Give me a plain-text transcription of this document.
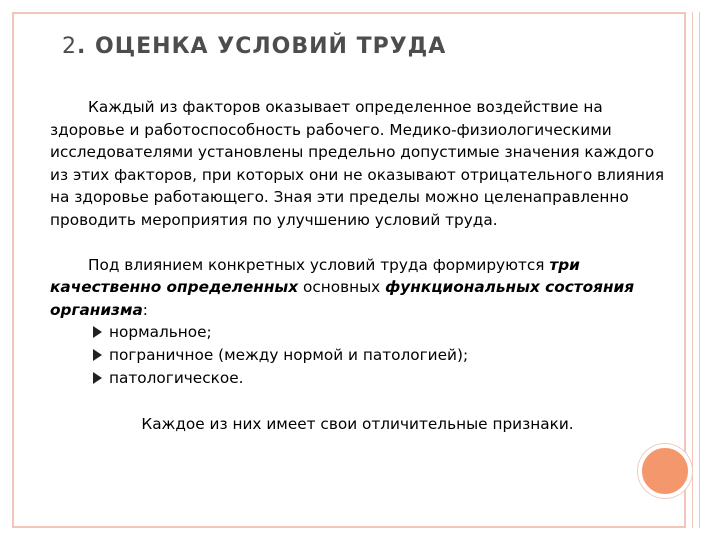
2. ОЦЕНКА УСЛОВИЙ ТРУДА

Каждый из факторов оказывает определенное воздействие на здоровье и работоспособность рабочего. Медико-физиологическими исследователями установлены предельно допустимые значения каждого из этих факторов, при которых они не оказывают отрицательного влияния на здоровье работающего. Зная эти пределы можно целенаправленно проводить мероприятия по улучшению условий труда.

Под влиянием конкретных условий труда формируются три качественно определенных основных функциональных состояния организма:

нормальное;
пограничное (между нормой и патологией);
патологическое.

Каждое из них имеет свои отличительные признаки.
